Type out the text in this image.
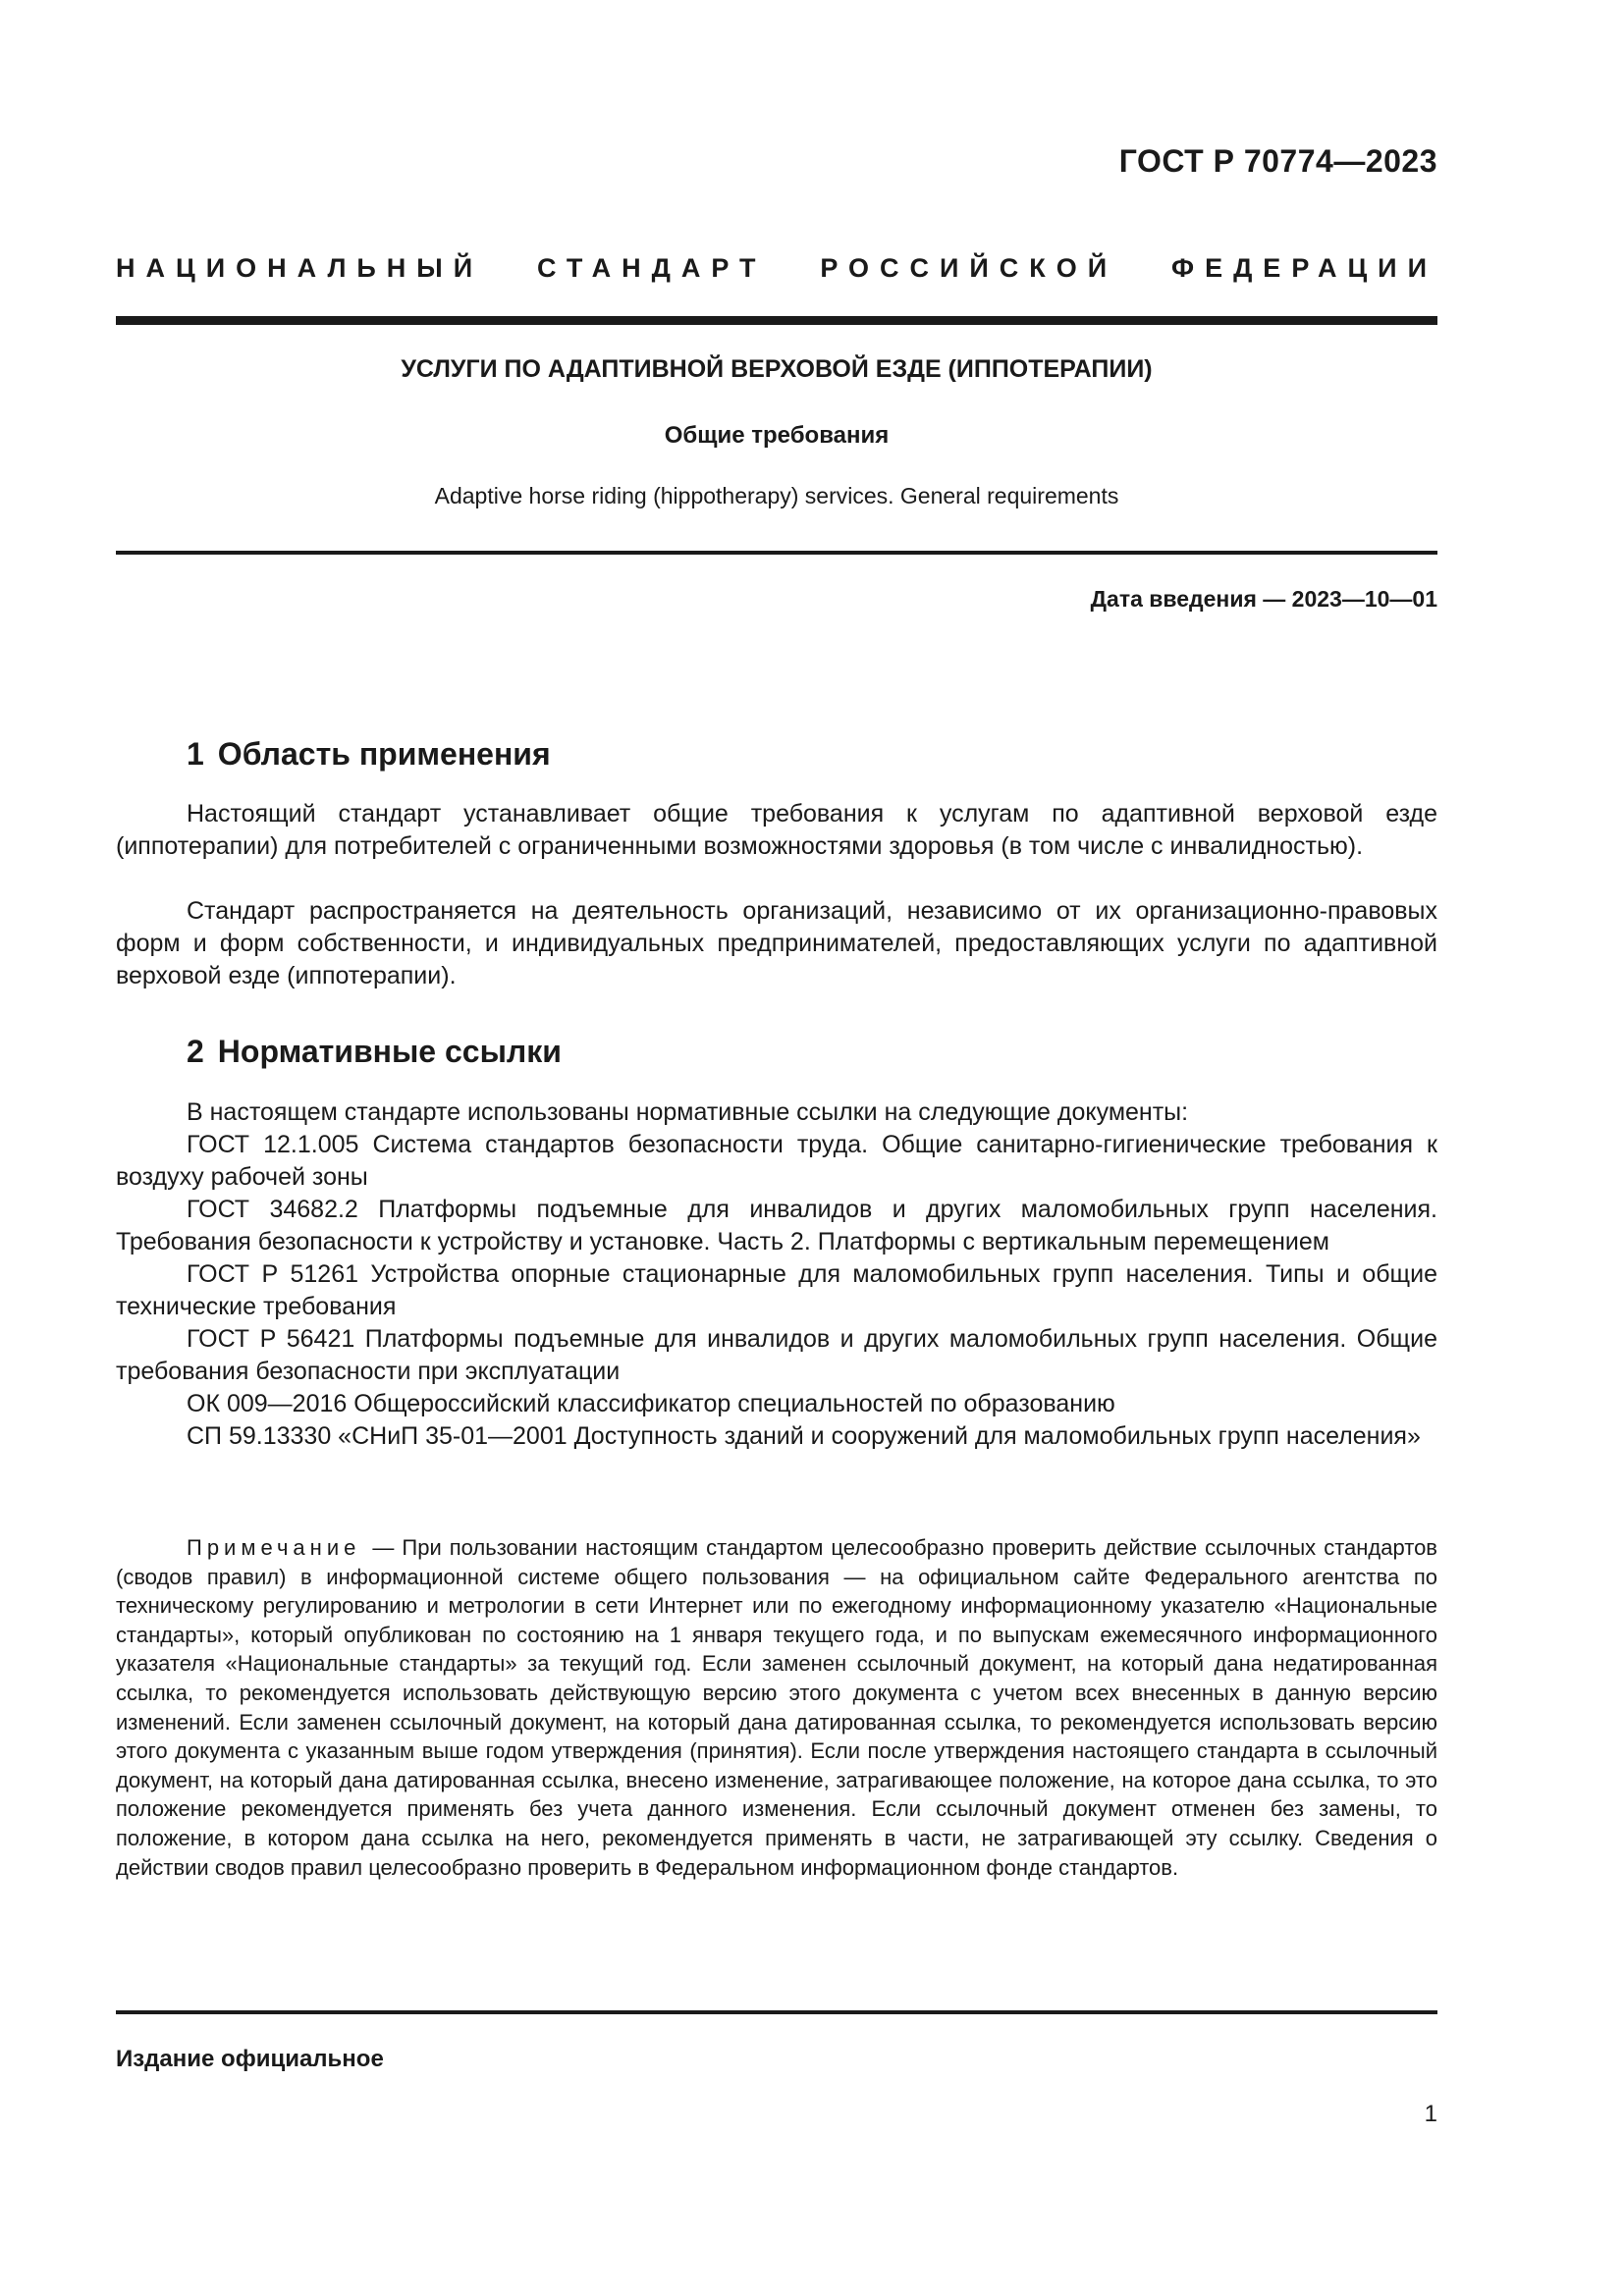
ГОСТ Р 70774—2023
НАЦИОНАЛЬНЫЙ СТАНДАРТ РОССИЙСКОЙ ФЕДЕРАЦИИ
УСЛУГИ ПО АДАПТИВНОЙ ВЕРХОВОЙ ЕЗДЕ (ИППОТЕРАПИИ)
Общие требования
Adaptive horse riding (hippotherapy) services. General requirements
Дата введения — 2023—10—01
1 Область применения

Настоящий стандарт устанавливает общие требования к услугам по адаптивной верховой езде (иппотерапии) для потребителей с ограниченными возможностями здоровья (в том числе с инвалидностью).

Стандарт распространяется на деятельность организаций, независимо от их организационно-правовых форм и форм собственности, и индивидуальных предпринимателей, предоставляющих услуги по адаптивной верховой езде (иппотерапии).

2 Нормативные ссылки

В настоящем стандарте использованы нормативные ссылки на следующие документы:

ГОСТ 12.1.005 Система стандартов безопасности труда. Общие санитарно-гигиенические требования к воздуху рабочей зоны

ГОСТ 34682.2 Платформы подъемные для инвалидов и других маломобильных групп населения. Требования безопасности к устройству и установке. Часть 2. Платформы с вертикальным перемещением

ГОСТ Р 51261 Устройства опорные стационарные для маломобильных групп населения. Типы и общие технические требования

ГОСТ Р 56421 Платформы подъемные для инвалидов и других маломобильных групп населения. Общие требования безопасности при эксплуатации

ОК 009—2016 Общероссийский классификатор специальностей по образованию

СП 59.13330 «СНиП 35-01—2001 Доступность зданий и сооружений для маломобильных групп населения»

Примечание — При пользовании настоящим стандартом целесообразно проверить действие ссылочных стандартов (сводов правил) в информационной системе общего пользования — на официальном сайте Федерального агентства по техническому регулированию и метрологии в сети Интернет или по ежегодному информационному указателю «Национальные стандарты», который опубликован по состоянию на 1 января текущего года, и по выпускам ежемесячного информационного указателя «Национальные стандарты» за текущий год. Если заменен ссылочный документ, на который дана недатированная ссылка, то рекомендуется использовать действующую версию этого документа с учетом всех внесенных в данную версию изменений. Если заменен ссылочный документ, на который дана датированная ссылка, то рекомендуется использовать версию этого документа с указанным выше годом утверждения (принятия). Если после утверждения настоящего стандарта в ссылочный документ, на который дана датированная ссылка, внесено изменение, затрагивающее положение, на которое дана ссылка, то это положение рекомендуется применять без учета данного изменения. Если ссылочный документ отменен без замены, то положение, в котором дана ссылка на него, рекомендуется применять в части, не затрагивающей эту ссылку. Сведения о действии сводов правил целесообразно проверить в Федеральном информационном фонде стандартов.

Издание официальное
1
